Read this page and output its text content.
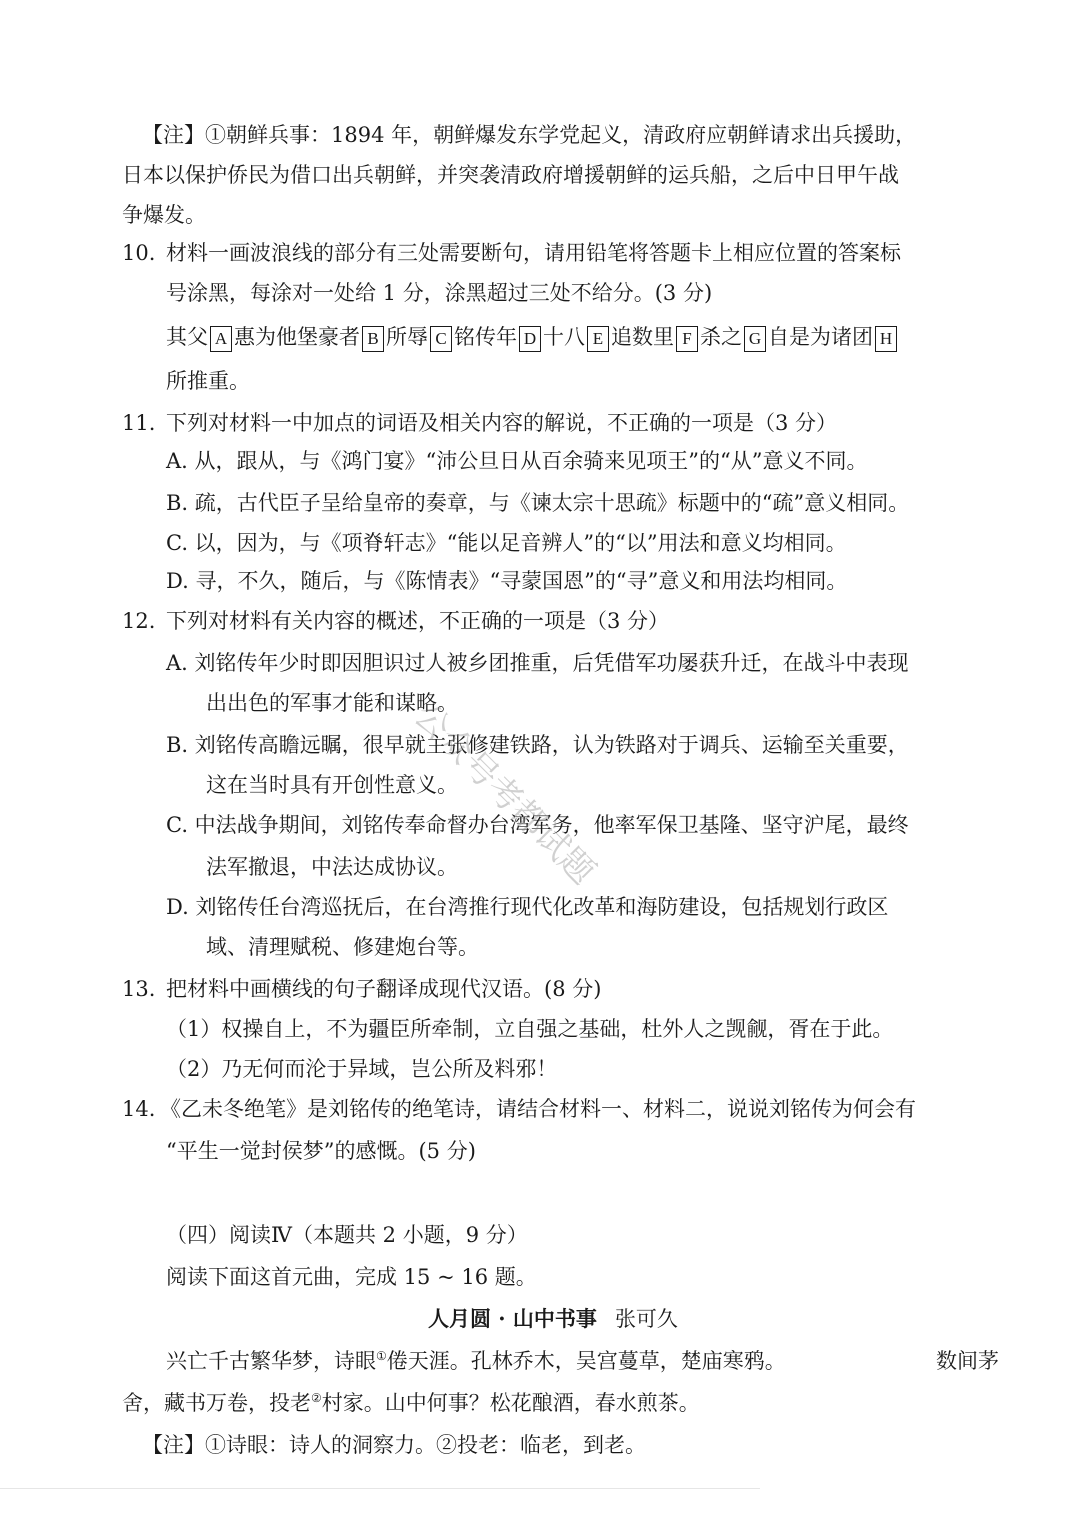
【注】①朝鲜兵事：1894 年，朝鲜爆发东学党起义，清政府应朝鲜请求出兵援助，
日本以保护侨民为借口出兵朝鲜，并突袭清政府增援朝鲜的运兵船，之后中日甲午战
争爆发。
10. 材料一画波浪线的部分有三处需要断句，请用铅笔将答题卡上相应位置的答案标
号涂黑，每涂对一处给 1 分，涂黑超过三处不给分。(3 分)
其父 A 惠为他堡豪者 B 所辱 C 铭传年 D 十八 E 追数里 F 杀之 G 自是为诸团 H
所推重。
11. 下列对材料一中加点的词语及相关内容的解说，不正确的一项是（3 分）
A. 从，跟从，与《鸿门宴》“沛公旦日从百余骑来见项王”的“从”意义不同。
B. 疏，古代臣子呈给皇帝的奏章，与《谏太宗十思疏》标题中的“疏”意义相同。
C. 以，因为，与《项脊轩志》“能以足音辨人”的“以”用法和意义均相同。
D. 寻，不久，随后，与《陈情表》“寻蒙国恩”的“寻”意义和用法均相同。
12. 下列对材料有关内容的概述，不正确的一项是（3 分）
A. 刘铭传年少时即因胆识过人被乡团推重，后凭借军功屡获升迁，在战斗中表现
出出色的军事才能和谋略。
B. 刘铭传高瞻远瞩，很早就主张修建铁路，认为铁路对于调兵、运输至关重要，
这在当时具有开创性意义。
C. 中法战争期间，刘铭传奉命督办台湾军务，他率军保卫基隆、坚守沪尾，最终
法军撤退，中法达成协议。
D. 刘铭传任台湾巡抚后，在台湾推行现代化改革和海防建设，包括规划行政区
域、清理赋税、修建炮台等。
13. 把材料中画横线的句子翻译成现代汉语。(8 分)
（1）权操自上，不为疆臣所牵制，立自强之基础，杜外人之觊觎，胥在于此。
（2）乃无何而沦于异域，岂公所及料邪！
14. 《乙未冬绝笔》是刘铭传的绝笔诗，请结合材料一、材料二，说说刘铭传为何会有
“平生一觉封侯梦”的感慨。(5 分)
（四）阅读Ⅳ（本题共 2 小题，9 分）
阅读下面这首元曲，完成 15 ~ 16 题。
人月圆 · 山中书事 张可久
兴亡千古繁华梦，诗眼①倦天涯。孔林乔木，吴宫蔓草，楚庙寒鸦。	数间茅
舍，藏书万卷，投老②村家。山中何事？松花酿酒，春水煎茶。
【注】①诗眼：诗人的洞察力。②投老：临老，到老。
公众号考都试题
